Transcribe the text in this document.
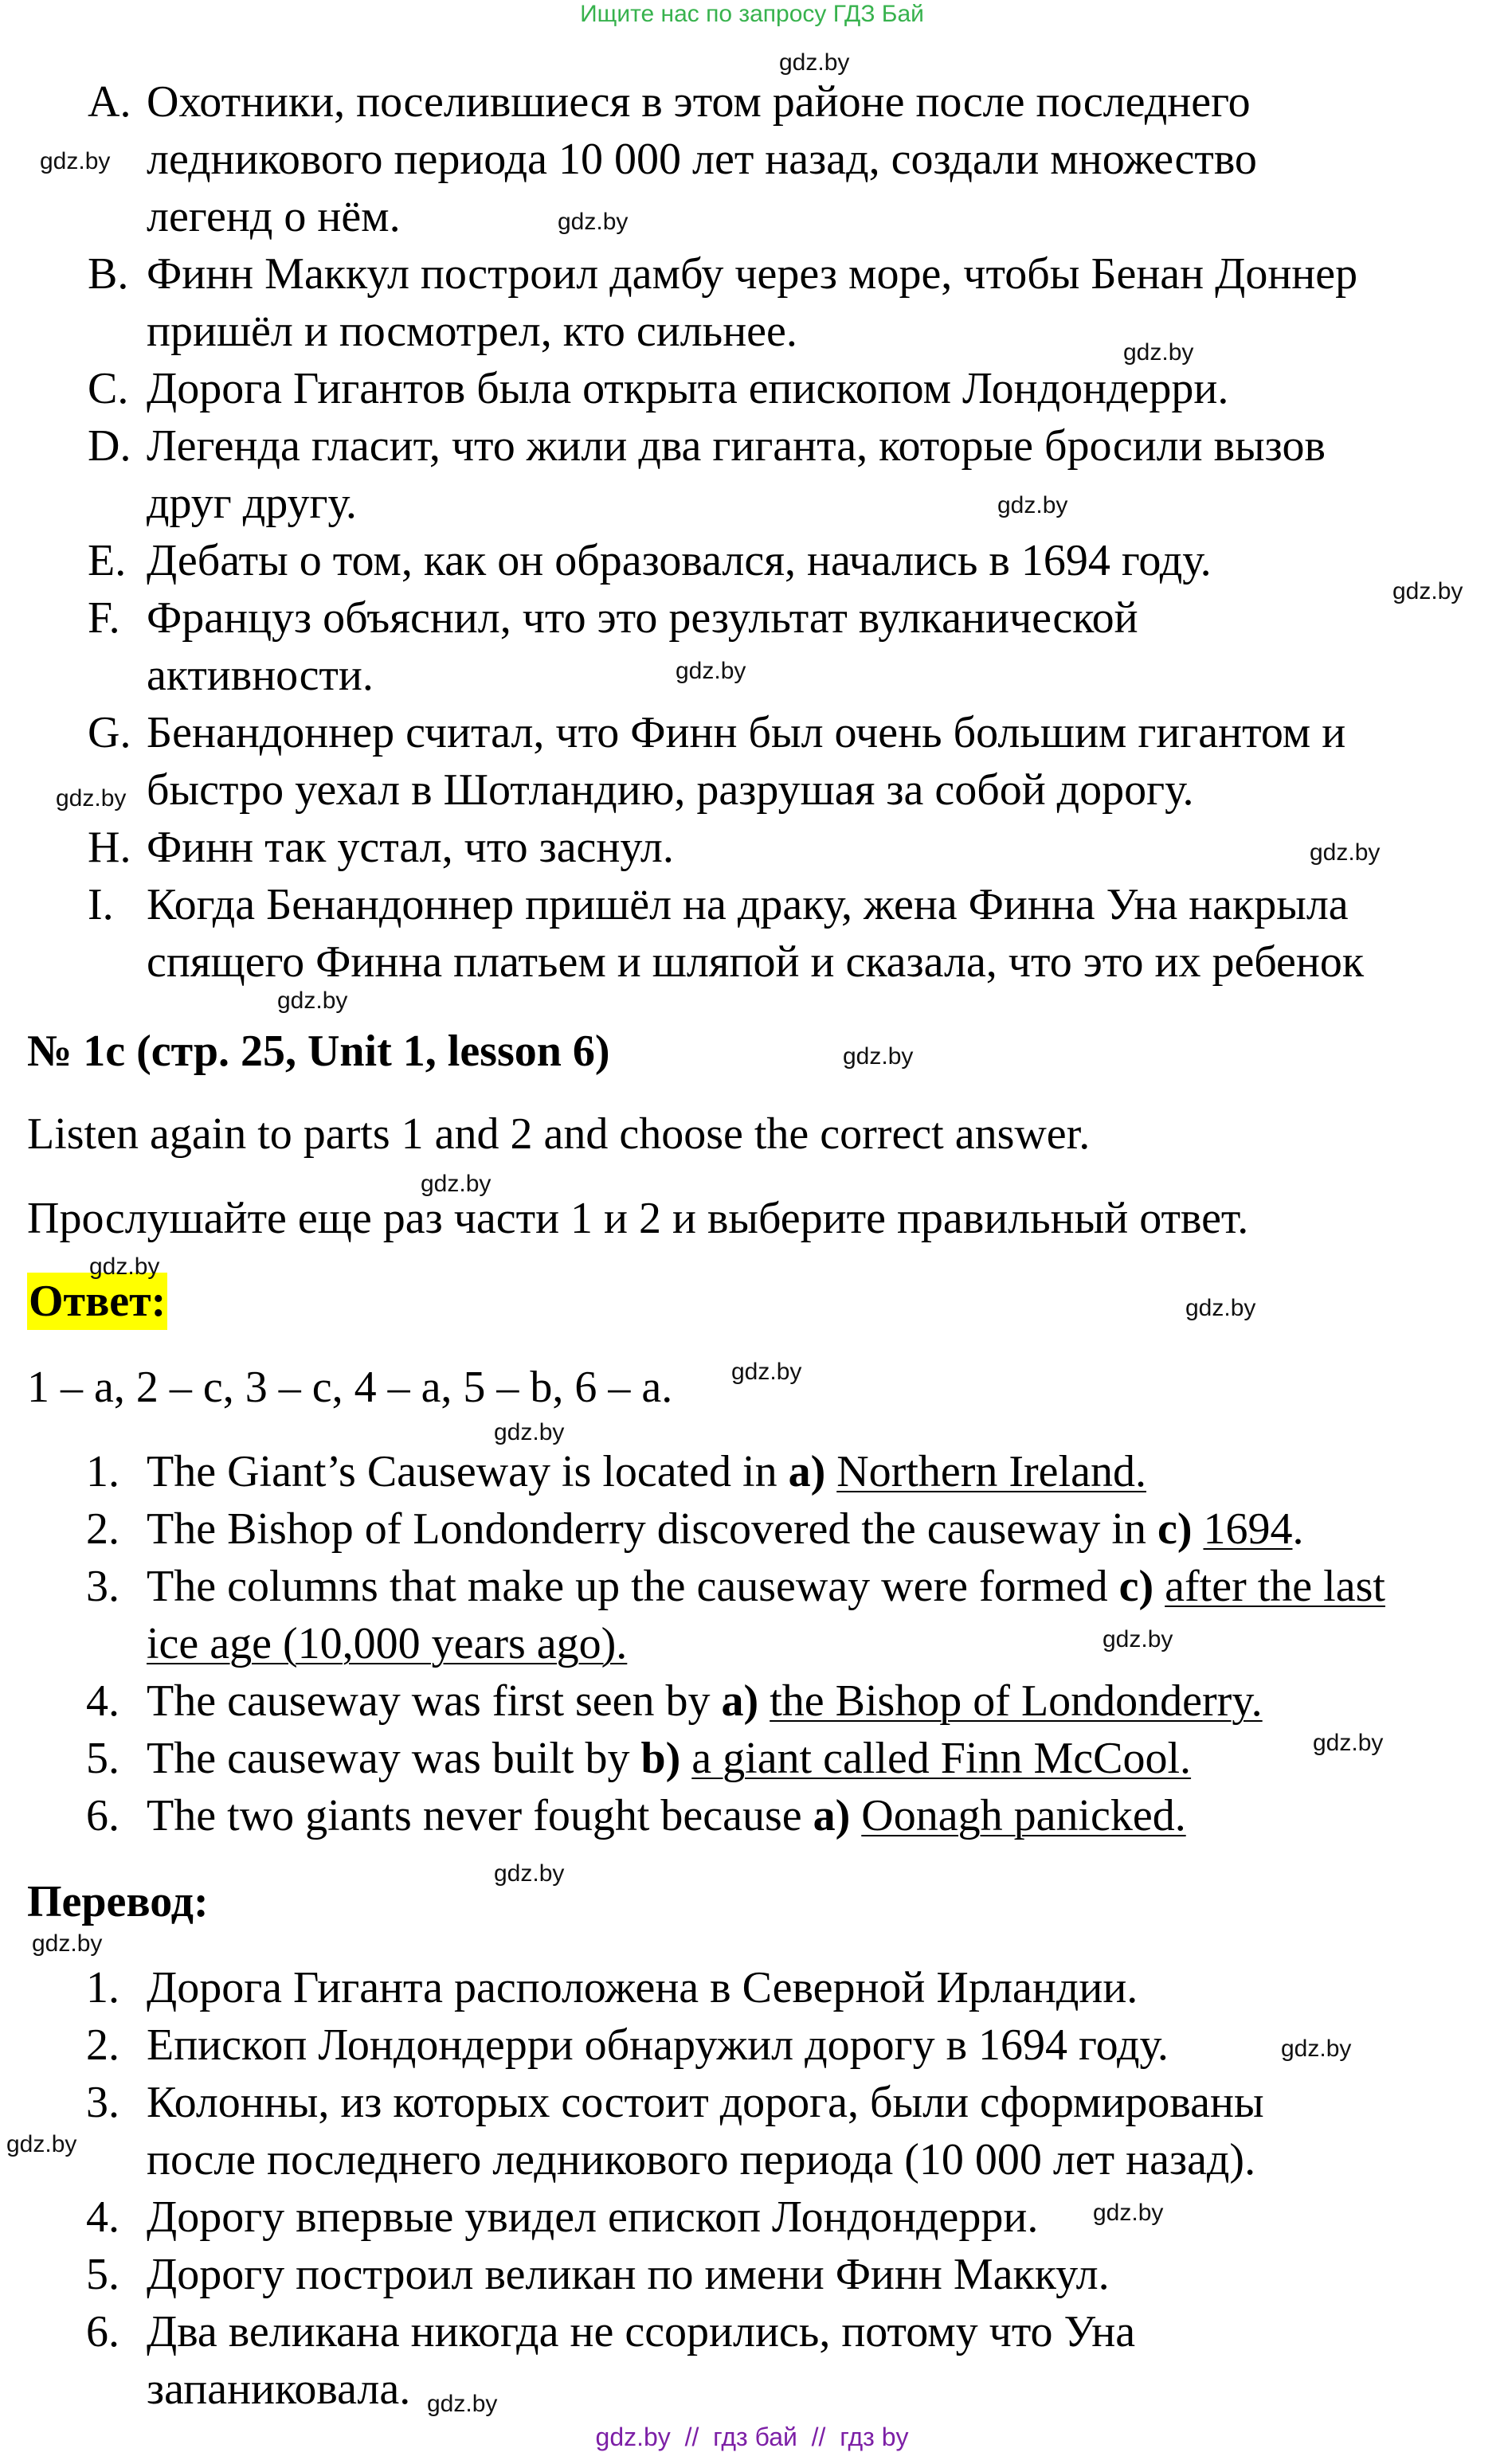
Ищите нас по запросу ГДЗ Бай
A. Охотники, поселившиеся в этом районе после последнего
ледникового периода 10 000 лет назад, создали множество
легенд о нём.
B. Финн Маккул построил дамбу через море, чтобы Бенан Доннер
пришёл и посмотрел, кто сильнее.
C. Дорога Гигантов была открыта епископом Лондондерри.
D. Легенда гласит, что жили два гиганта, которые бросили вызов
друг другу.
E. Дебаты о том, как он образовался, начались в 1694 году.
F. Француз объяснил, что это результат вулканической
активности.
G. Бенандоннер считал, что Финн был очень большим гигантом и
быстро уехал в Шотландию, разрушая за собой дорогу.
H. Финн так устал, что заснул.
I. Когда Бенандоннер пришёл на драку, жена Финна Уна накрыла
спящего Финна платьем и шляпой и сказала, что это их ребенок
№ 1c (стр. 25, Unit 1, lesson 6)
Listen again to parts 1 and 2 and choose the correct answer.
Прослушайте еще раз части 1 и 2 и выберите правильный ответ.
Ответ:
1 – a, 2 – c, 3 – c, 4 – a, 5 – b, 6 – a.
1. The Giant’s Causeway is located in a) Northern Ireland.
2. The Bishop of Londonderry discovered the causeway in c) 1694.
3. The columns that make up the causeway were formed c) after the last
ice age (10,000 years ago).
4. The causeway was first seen by a) the Bishop of Londonderry.
5. The causeway was built by b) a giant called Finn McCool.
6. The two giants never fought because a) Oonagh panicked.
Перевод:
1. Дорога Гиганта расположена в Северной Ирландии.
2. Епископ Лондондерри обнаружил дорогу в 1694 году.
3. Колонны, из которых состоит дорога, были сформированы
после последнего ледникового периода (10 000 лет назад).
4. Дорогу впервые увидел епископ Лондондерри.
5. Дорогу построил великан по имени Финн Маккул.
6. Два великана никогда не ссорились, потому что Уна
запаниковала.
gdz.by
gdz.by
gdz.by
gdz.by
gdz.by
gdz.by
gdz.by
gdz.by
gdz.by
gdz.by
gdz.by
gdz.by
gdz.by
gdz.by
gdz.by
gdz.by
gdz.by
gdz.by
gdz.by
gdz.by
gdz.by
gdz.by
gdz.by
gdz.by
gdz.by  //  гдз бай  //  гдз by
